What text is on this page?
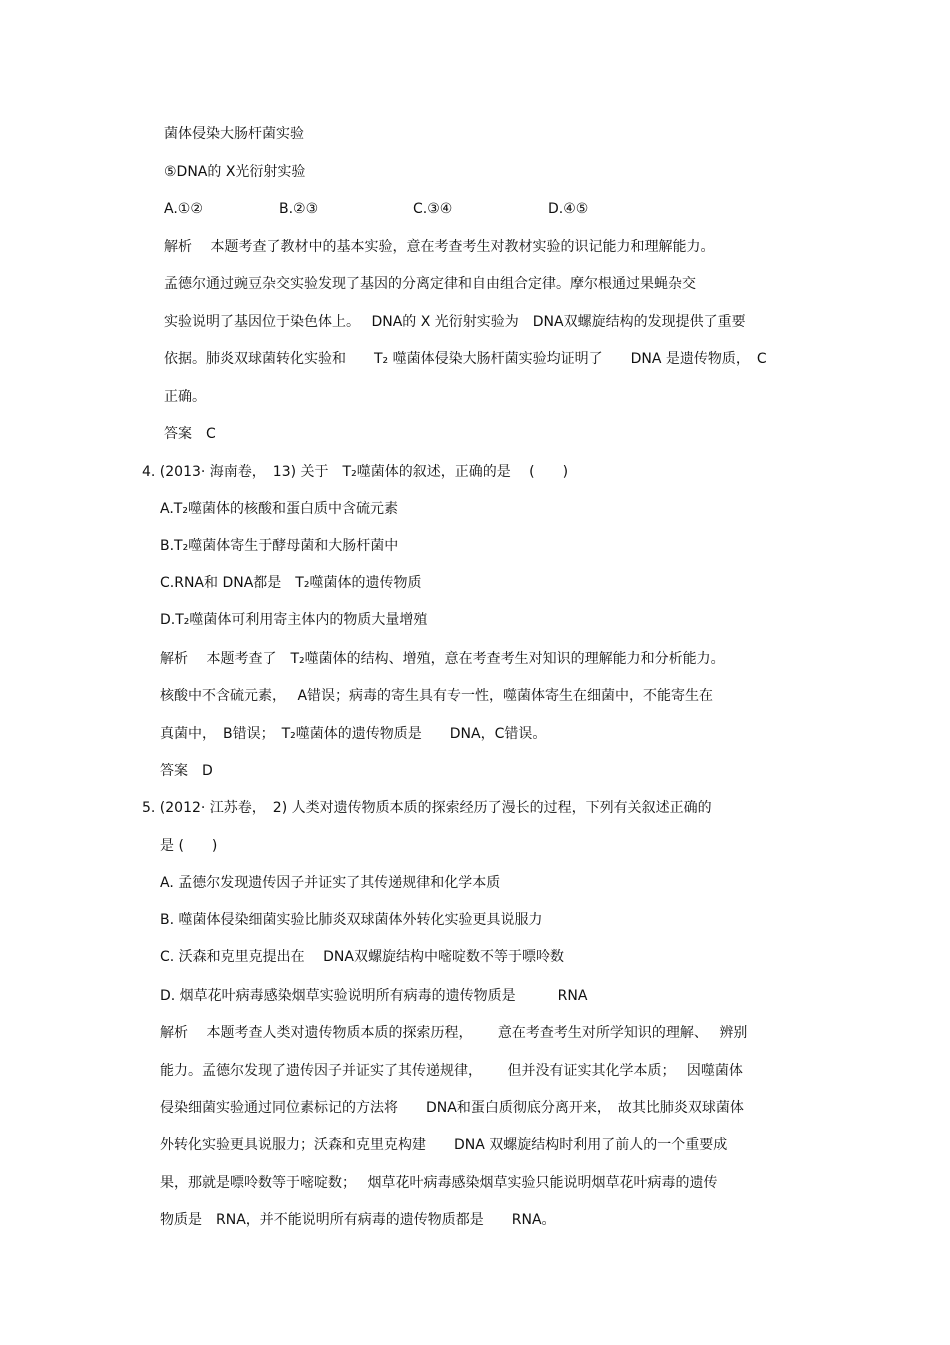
菌体侵染大肠杆菌实验
⑤DNA的 X光衍射实验
A.①②	B.②③	C.③④	D.④⑤
解析　 本题考查了教材中的基本实验，意在考查考生对教材实验的识记能力和理解能力。
孟德尔通过豌豆杂交实验发现了基因的分离定律和自由组合定律。摩尔根通过果蝇杂交
实验说明了基因位于染色体上。　 DNA的 X 光衍射实验为　DNA双螺旋结构的发现提供了重要
依据。肺炎双球菌转化实验和　　T₂ 噬菌体侵染大肠杆菌实验均证明了　　DNA 是遗传物质，　C
正确。
答案　C
4. (2013· 海南卷，　13) 关于　T₂噬菌体的叙述，正确的是　 (　　)
A.T₂噬菌体的核酸和蛋白质中含硫元素
B.T₂噬菌体寄生于酵母菌和大肠杆菌中
C.RNA和 DNA都是　T₂噬菌体的遗传物质
D.T₂噬菌体可利用寄主体内的物质大量增殖
解析　 本题考查了　T₂噬菌体的结构、增殖，意在考查考生对知识的理解能力和分析能力。
核酸中不含硫元素，　 A错误；病毒的寄生具有专一性，噬菌体寄生在细菌中，不能寄生在
真菌中，　B错误；　T₂噬菌体的遗传物质是　　DNA，C错误。
答案　D
5. (2012· 江苏卷，　2) 人类对遗传物质本质的探索经历了漫长的过程，下列有关叙述正确的
是 (　　)
A. 孟德尔发现遗传因子并证实了其传递规律和化学本质
B. 噬菌体侵染细菌实验比肺炎双球菌体外转化实验更具说服力
C. 沃森和克里克提出在　 DNA双螺旋结构中嘧啶数不等于嘌呤数
D. 烟草花叶病毒感染烟草实验说明所有病毒的遗传物质是　　　RNA
解析　 本题考查人类对遗传物质本质的探索历程，　　 意在考查考生对所学知识的理解、　 辨别
能力。孟德尔发现了遗传因子并证实了其传递规律，　　 但并没有证实其化学本质；　 因噬菌体
侵染细菌实验通过同位素标记的方法将　　DNA和蛋白质彻底分离开来，　故其比肺炎双球菌体
外转化实验更具说服力；沃森和克里克构建　　DNA 双螺旋结构时利用了前人的一个重要成
果，那就是嘌呤数等于嘧啶数；　 烟草花叶病毒感染烟草实验只能说明烟草花叶病毒的遗传
物质是　RNA，并不能说明所有病毒的遗传物质都是　　RNA。
